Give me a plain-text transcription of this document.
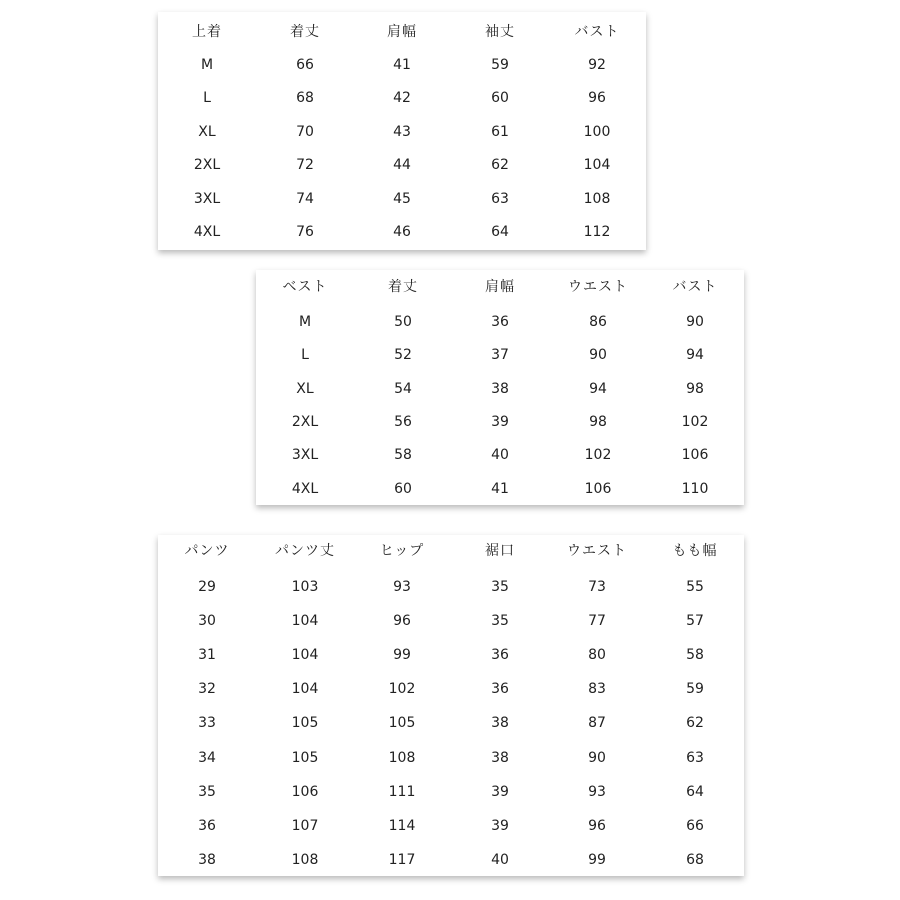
上着	着丈	肩幅	袖丈	バスト
M	66	41	59	92
L	68	42	60	96
XL	70	43	61	100
2XL	72	44	62	104
3XL	74	45	63	108
4XL	76	46	64	112
ベスト	着丈	肩幅	ウエスト	バスト
M	50	36	86	90
L	52	37	90	94
XL	54	38	94	98
2XL	56	39	98	102
3XL	58	40	102	106
4XL	60	41	106	110
パンツ	パンツ丈	ヒップ	裾口	ウエスト	もも幅
29	103	93	35	73	55
30	104	96	35	77	57
31	104	99	36	80	58
32	104	102	36	83	59
33	105	105	38	87	62
34	105	108	38	90	63
35	106	111	39	93	64
36	107	114	39	96	66
38	108	117	40	99	68
